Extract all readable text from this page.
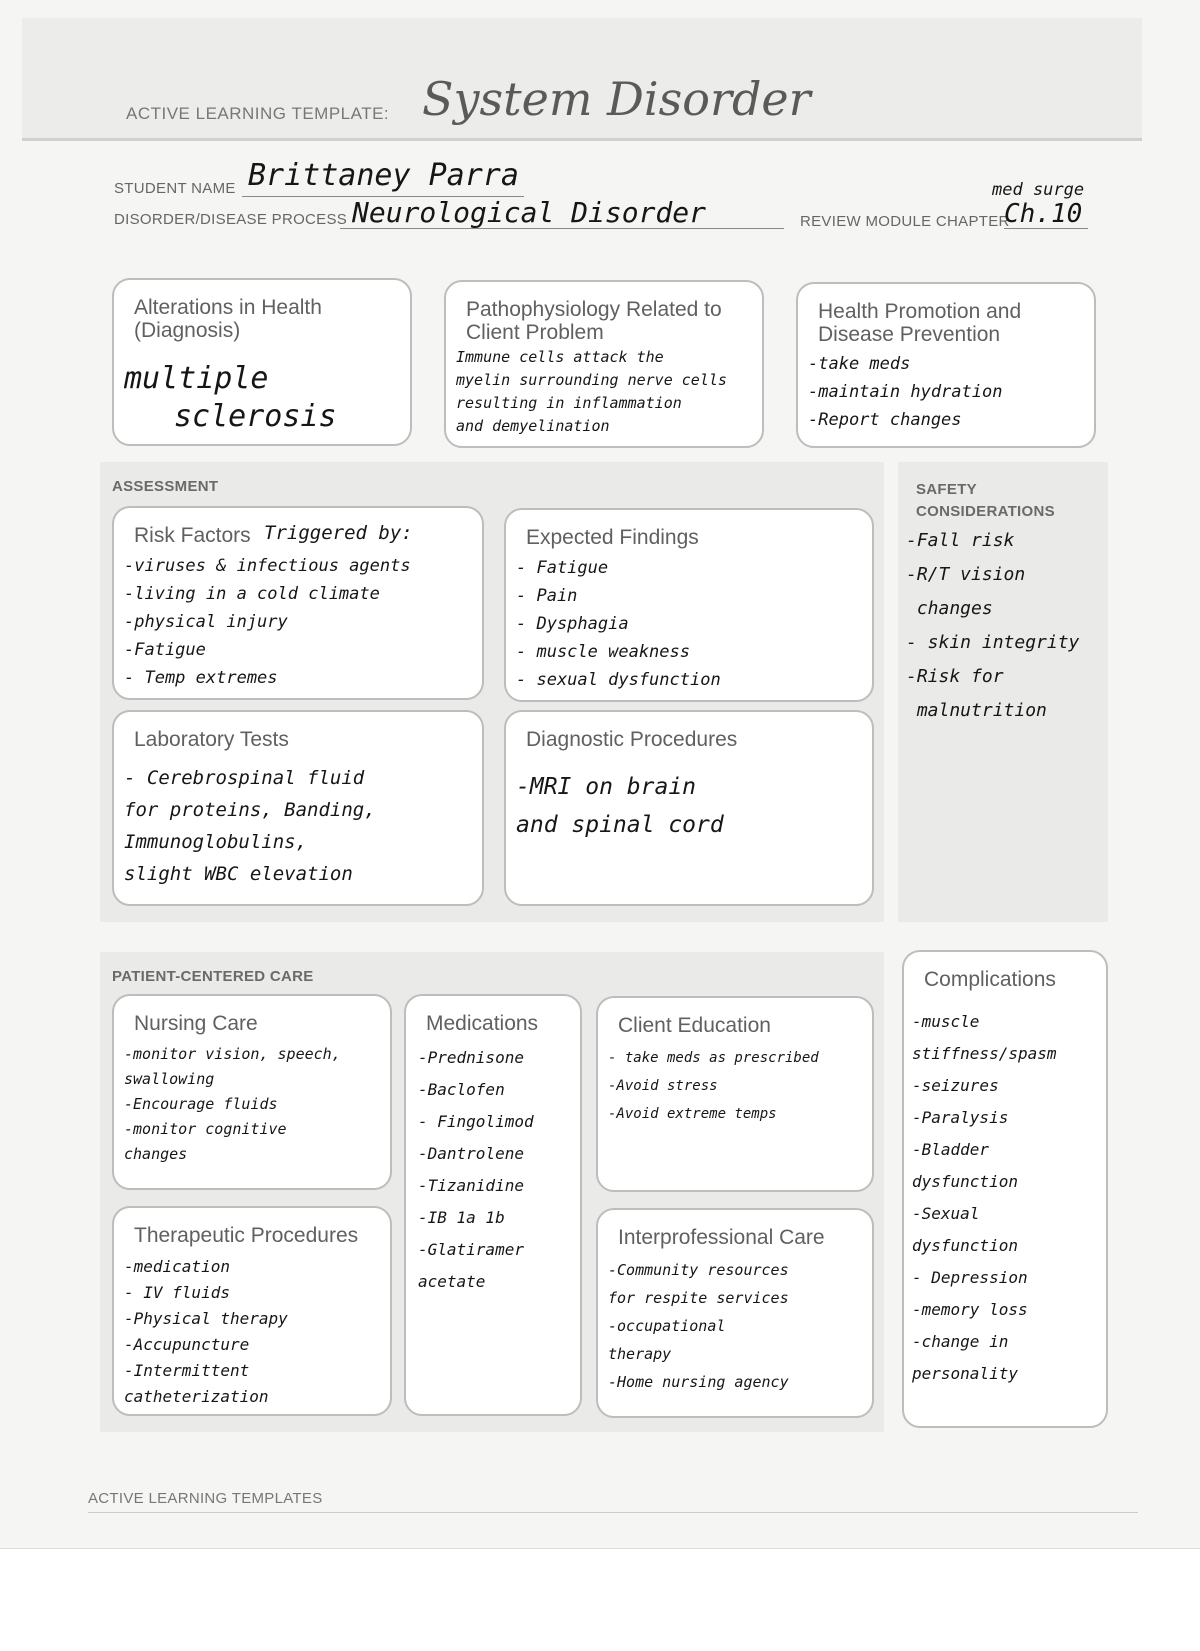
ACTIVE LEARNING TEMPLATE: System Disorder
STUDENT NAME Brittaney Parra
DISORDER/DISEASE PROCESS Neurological Disorder	REVIEW MODULE CHAPTER
med surge
Ch.10
Alterations in Health (Diagnosis)
multiple
sclerosis
Pathophysiology Related to Client Problem
Immune cells attack the
myelin surrounding nerve cells
resulting in inflammation
and demyelination
Health Promotion and Disease Prevention
-take meds
-maintain hydration
-Report changes
ASSESSMENT
Risk Factors Triggered by:
-viruses & infectious agents
-living in a cold climate
-physical injury
-Fatigue
- Temp extremes
Expected Findings
- Fatigue
- Pain
- Dysphagia
- muscle weakness
- sexual dysfunction
Laboratory Tests
- Cerebrospinal fluid
for proteins, Banding,
Immunoglobulins,
slight WBC elevation
Diagnostic Procedures
-MRI on brain
and spinal cord
SAFETY
CONSIDERATIONS
-Fall risk
-R/T vision
changes
- skin integrity
-Risk for
malnutrition
PATIENT-CENTERED CARE
Nursing Care
-monitor vision, speech,
swallowing
-Encourage fluids
-monitor cognitive
changes
Medications
-Prednisone
-Baclofen
- Fingolimod
-Dantrolene
-Tizanidine
-IB 1a 1b
-Glatiramer
acetate
Client Education
- take meds as prescribed
-Avoid stress
-Avoid extreme temps
Therapeutic Procedures
-medication
- IV fluids
-Physical therapy
-Accupuncture
-Intermittent
catheterization
Interprofessional Care
-Community resources
for respite services
-occupational
therapy
-Home nursing agency
Complications
-muscle
stiffness/spasm
-seizures
-Paralysis
-Bladder
dysfunction
-Sexual
dysfunction
- Depression
-memory loss
-change in
personality
ACTIVE LEARNING TEMPLATES
